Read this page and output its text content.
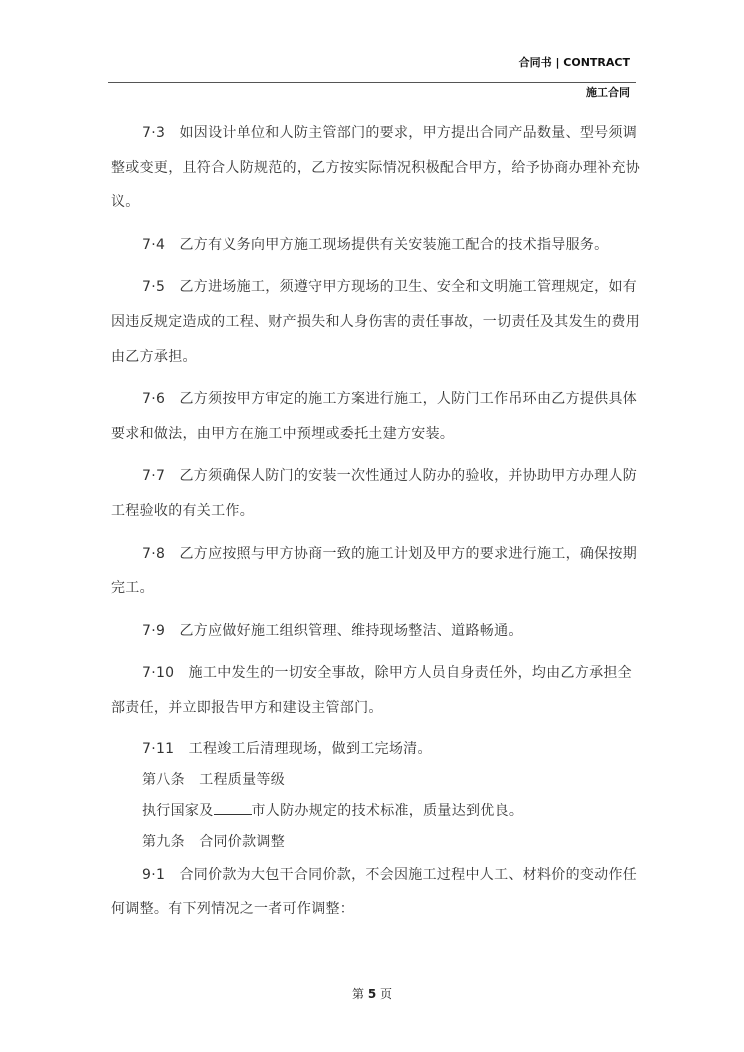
合同书 | CONTRACT
施工合同

7·3　如因设计单位和人防主管部门的要求，甲方提出合同产品数量、型号须调整或变更，且符合人防规范的，乙方按实际情况积极配合甲方，给予协商办理补充协议。

7·4　乙方有义务向甲方施工现场提供有关安装施工配合的技术指导服务。

7·5　乙方进场施工，须遵守甲方现场的卫生、安全和文明施工管理规定，如有因违反规定造成的工程、财产损失和人身伤害的责任事故，一切责任及其发生的费用由乙方承担。

7·6　乙方须按甲方审定的施工方案进行施工，人防门工作吊环由乙方提供具体要求和做法，由甲方在施工中预埋或委托土建方安装。

7·7　乙方须确保人防门的安装一次性通过人防办的验收，并协助甲方办理人防工程验收的有关工作。

7·8　乙方应按照与甲方协商一致的施工计划及甲方的要求进行施工，确保按期完工。

7·9　乙方应做好施工组织管理、维持现场整洁、道路畅通。

7·10　施工中发生的一切安全事故，除甲方人员自身责任外，均由乙方承担全部责任，并立即报告甲方和建设主管部门。

7·11　工程竣工后清理现场，做到工完场清。

第八条　工程质量等级

执行国家及	市人防办规定的技术标准，质量达到优良。

第九条　合同价款调整

9·1　合同价款为大包干合同价款，不会因施工过程中人工、材料价的变动作任何调整。有下列情况之一者可作调整：

第 5 页
